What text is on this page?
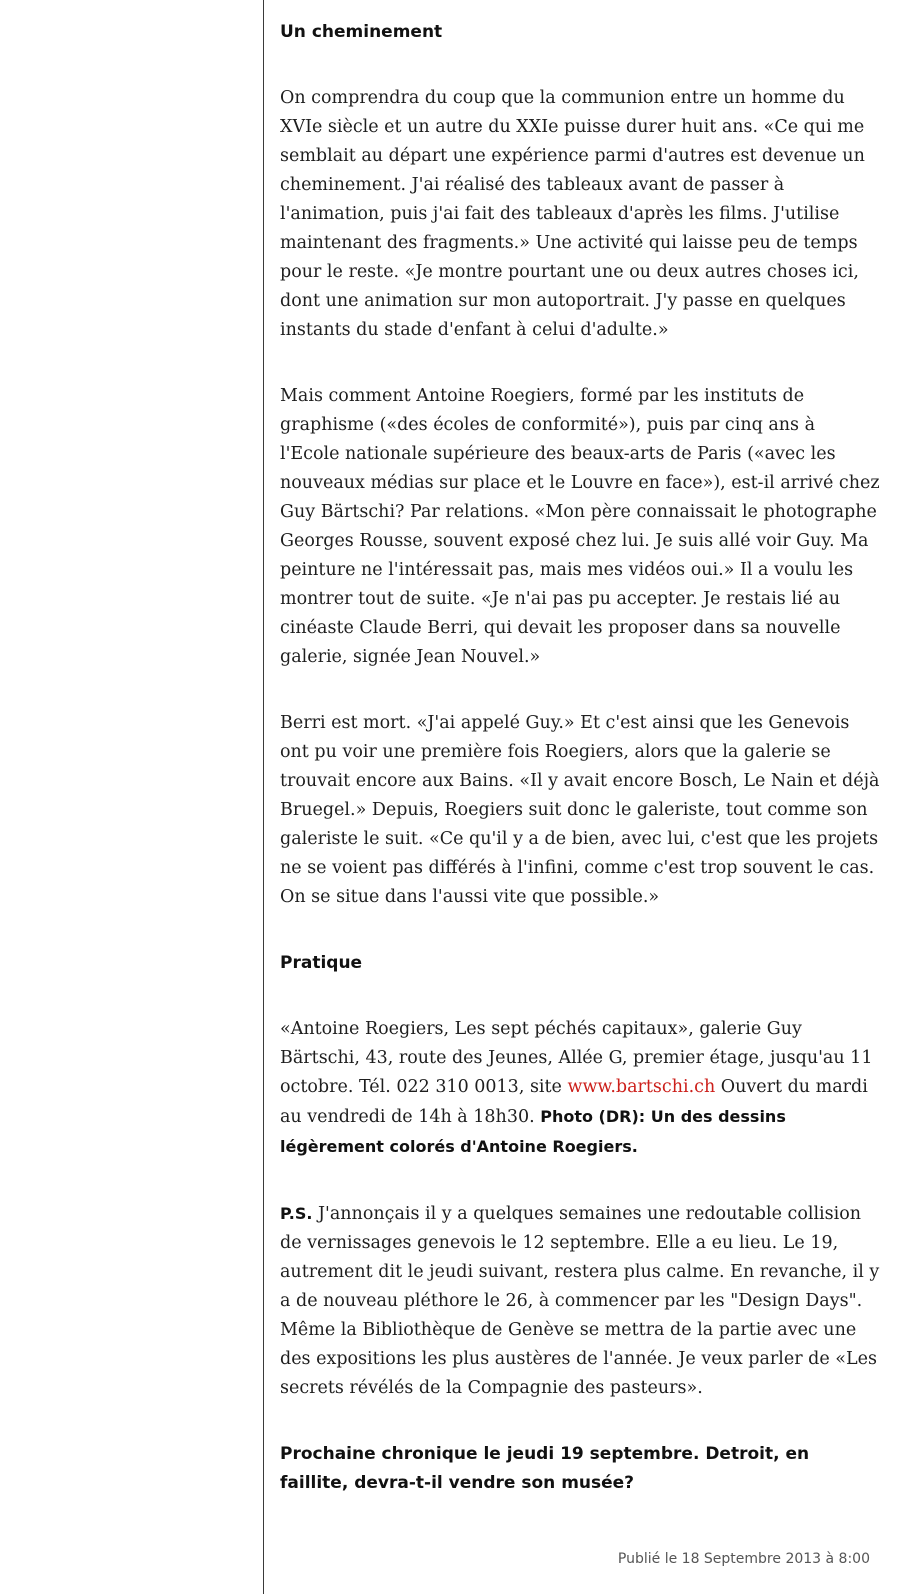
Un cheminement

On comprendra du coup que la communion entre un homme du XVIe siècle et un autre du XXIe puisse durer huit ans. «Ce qui me semblait au départ une expérience parmi d'autres est devenue un cheminement. J'ai réalisé des tableaux avant de passer à l'animation, puis j'ai fait des tableaux d'après les films. J'utilise maintenant des fragments.» Une activité qui laisse peu de temps pour le reste. «Je montre pourtant une ou deux autres choses ici, dont une animation sur mon autoportrait. J'y passe en quelques instants du stade d'enfant à celui d'adulte.»

Mais comment Antoine Roegiers, formé par les instituts de graphisme («des écoles de conformité»), puis par cinq ans à l'Ecole nationale supérieure des beaux-arts de Paris («avec les nouveaux médias sur place et le Louvre en face»), est-il arrivé chez Guy Bärtschi? Par relations. «Mon père connaissait le photographe Georges Rousse, souvent exposé chez lui. Je suis allé voir Guy. Ma peinture ne l'intéressait pas, mais mes vidéos oui.» Il a voulu les montrer tout de suite. «Je n'ai pas pu accepter. Je restais lié au cinéaste Claude Berri, qui devait les proposer dans sa nouvelle galerie, signée Jean Nouvel.»

Berri est mort. «J'ai appelé Guy.» Et c'est ainsi que les Genevois ont pu voir une première fois Roegiers, alors que la galerie se trouvait encore aux Bains. «Il y avait encore Bosch, Le Nain et déjà Bruegel.» Depuis, Roegiers suit donc le galeriste, tout comme son galeriste le suit. «Ce qu'il y a de bien, avec lui, c'est que les projets ne se voient pas différés à l'infini, comme c'est trop souvent le cas. On se situe dans l'aussi vite que possible.»

Pratique

«Antoine Roegiers, Les sept péchés capitaux», galerie Guy Bärtschi, 43, route des Jeunes, Allée G, premier étage, jusqu'au 11 octobre. Tél. 022 310 0013, site www.bartschi.ch Ouvert du mardi au vendredi de 14h à 18h30. Photo (DR): Un des dessins légèrement colorés d'Antoine Roegiers.

P.S. J'annonçais il y a quelques semaines une redoutable collision de vernissages genevois le 12 septembre. Elle a eu lieu. Le 19, autrement dit le jeudi suivant, restera plus calme. En revanche, il y a de nouveau pléthore le 26, à commencer par les "Design Days". Même la Bibliothèque de Genève se mettra de la partie avec une des expositions les plus austères de l'année. Je veux parler de «Les secrets révélés de la Compagnie des pasteurs».

Prochaine chronique le jeudi 19 septembre. Detroit, en faillite, devra-t-il vendre son musée?
Publié le 18 Septembre 2013 à 8:00
